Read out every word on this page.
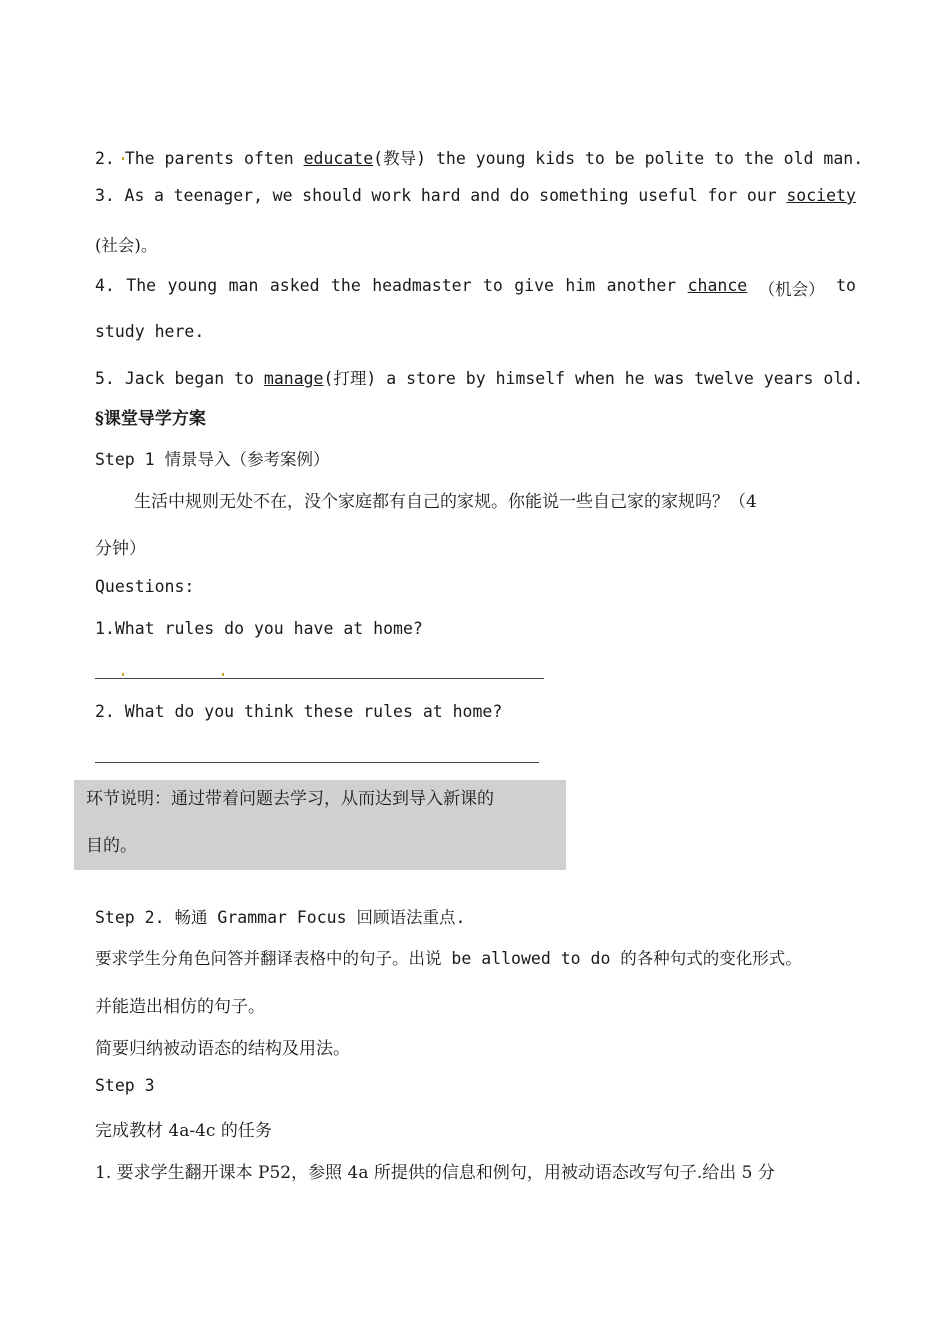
2. The parents often educate(教导) the young kids to be polite to the old man.
3. As a teenager, we should work hard and do something useful for our society
(社会)。
4. The young man asked the headmaster to give him another chance （机会） to
study here.
5. Jack began to manage(打理) a store by himself when he was twelve years old.
§课堂导学方案
Step 1 情景导入（参考案例）
生活中规则无处不在，没个家庭都有自己的家规。你能说一些自己家的家规吗？（4
分钟）
Questions:
1.What rules do you have at home?
2. What do you think these rules at home?
环节说明：通过带着问题去学习，从而达到导入新课的
目的。
Step 2. 畅通 Grammar Focus 回顾语法重点.
要求学生分角色问答并翻译表格中的句子。出说 be allowed to do 的各种句式的变化形式。
并能造出相仿的句子。
简要归纳被动语态的结构及用法。
Step 3
完成教材 4a-4c 的任务
1. 要求学生翻开课本 P52，参照 4a 所提供的信息和例句，用被动语态改写句子.给出 5 分
